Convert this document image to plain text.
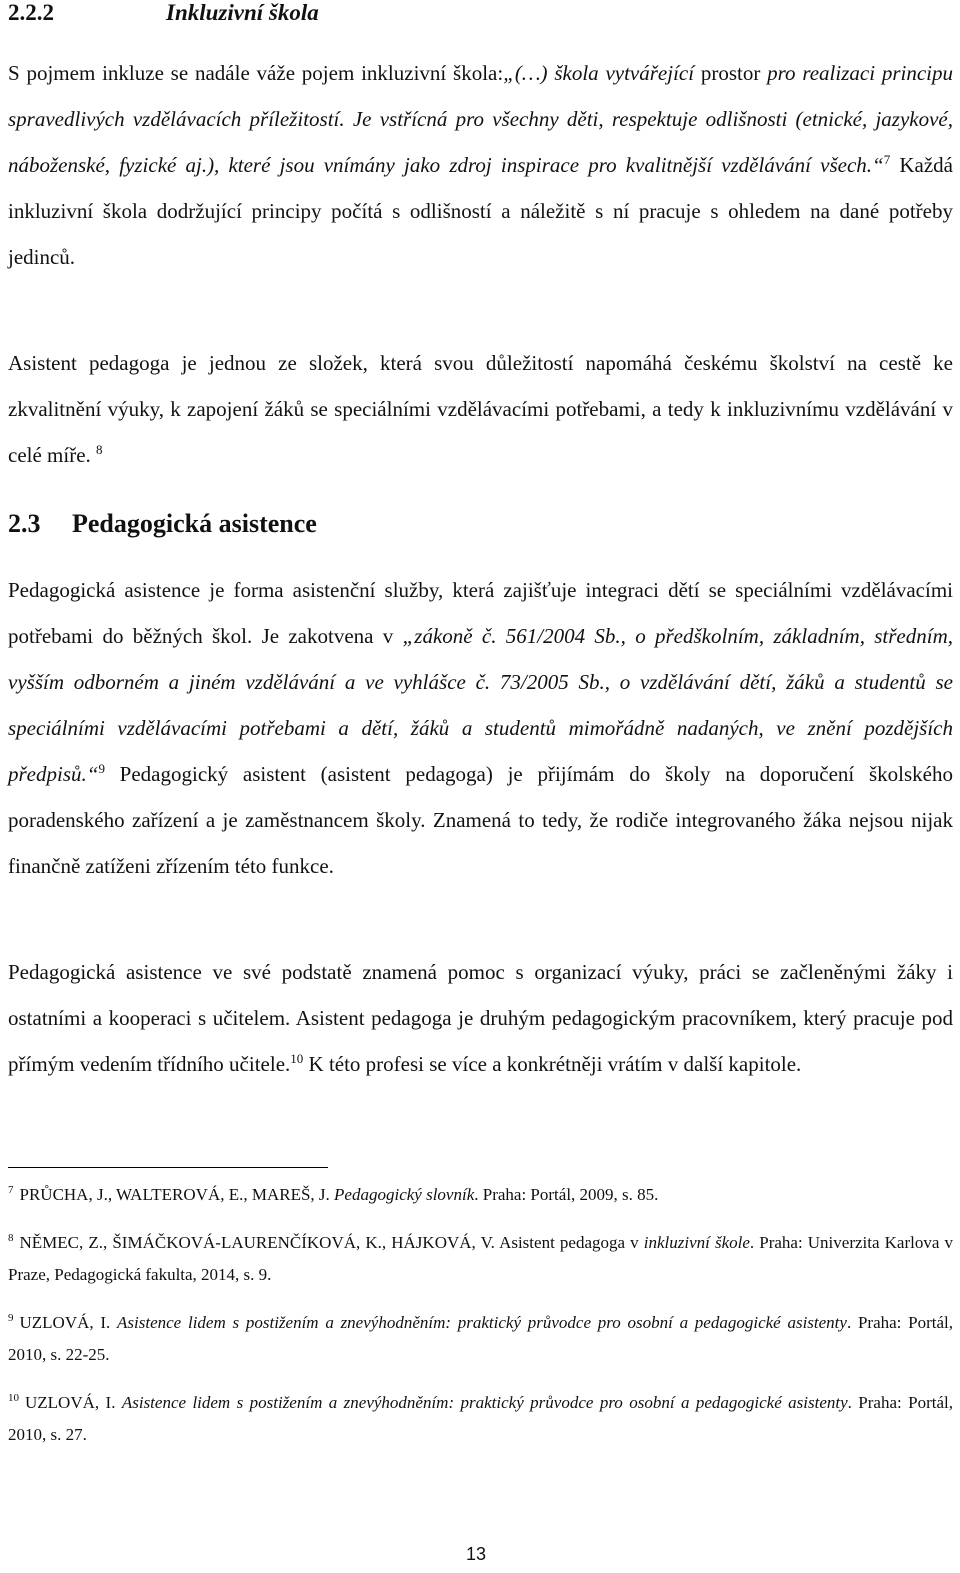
2.2.2	Inkluzivní škola

S pojmem inkluze se nadále váže pojem inkluzivní škola:„(…) škola vytvářející prostor pro realizaci principu spravedlivých vzdělávacích příležitostí. Je vstřícná pro všechny děti, respektuje odlišnosti (etnické, jazykové, náboženské, fyzické aj.), které jsou vnímány jako zdroj inspirace pro kvalitnější vzdělávání všech.“$^7$ Každá inkluzivní škola dodržující principy počítá s odlišností a náležitě s ní pracuje s ohledem na dané potřeby jedinců.

Asistent pedagoga je jednou ze složek, která svou důležitostí napomáhá českému školství na cestě ke zkvalitnění výuky, k zapojení žáků se speciálními vzdělávacími potřebami, a tedy k inkluzivnímu vzdělávání v celé míře. $^8$

2.3 Pedagogická asistence

Pedagogická asistence je forma asistenční služby, která zajišťuje integraci dětí se speciálními vzdělávacími potřebami do běžných škol. Je zakotvena v „zákoně č. 561/2004 Sb., o předškolním, základním, středním, vyšším odborném a jiném vzdělávání a ve vyhlášce č. 73/2005 Sb., o vzdělávání dětí, žáků a studentů se speciálními vzdělávacími potřebami a dětí, žáků a studentů mimořádně nadaných, ve znění pozdějších předpisů.“$^9$ Pedagogický asistent (asistent pedagoga) je přijímám do školy na doporučení školského poradenského zařízení a je zaměstnancem školy. Znamená to tedy, že rodiče integrovaného žáka nejsou nijak finančně zatíženi zřízením této funkce.

Pedagogická asistence ve své podstatě znamená pomoc s organizací výuky, práci se začleněnými žáky i ostatními a kooperaci s učitelem. Asistent pedagoga je druhým pedagogickým pracovníkem, který pracuje pod přímým vedením třídního učitele.$^{10}$ K této profesi se více a konkrétněji vrátím v další kapitole.

$^7$ PRŮCHA, J., WALTEROVÁ, E., MAREŠ, J. Pedagogický slovník. Praha: Portál, 2009, s. 85.

$^8$ NĚMEC, Z., ŠIMÁČKOVÁ-LAURENČÍKOVÁ, K., HÁJKOVÁ, V. Asistent pedagoga v inkluzivní škole. Praha: Univerzita Karlova v Praze, Pedagogická fakulta, 2014, s. 9.

$^9$ UZLOVÁ, I. Asistence lidem s postižením a znevýhodněním: praktický průvodce pro osobní a pedagogické asistenty. Praha: Portál, 2010, s. 22-25.

$^{10}$ UZLOVÁ, I. Asistence lidem s postižením a znevýhodněním: praktický průvodce pro osobní a pedagogické asistenty. Praha: Portál, 2010, s. 27.

13
